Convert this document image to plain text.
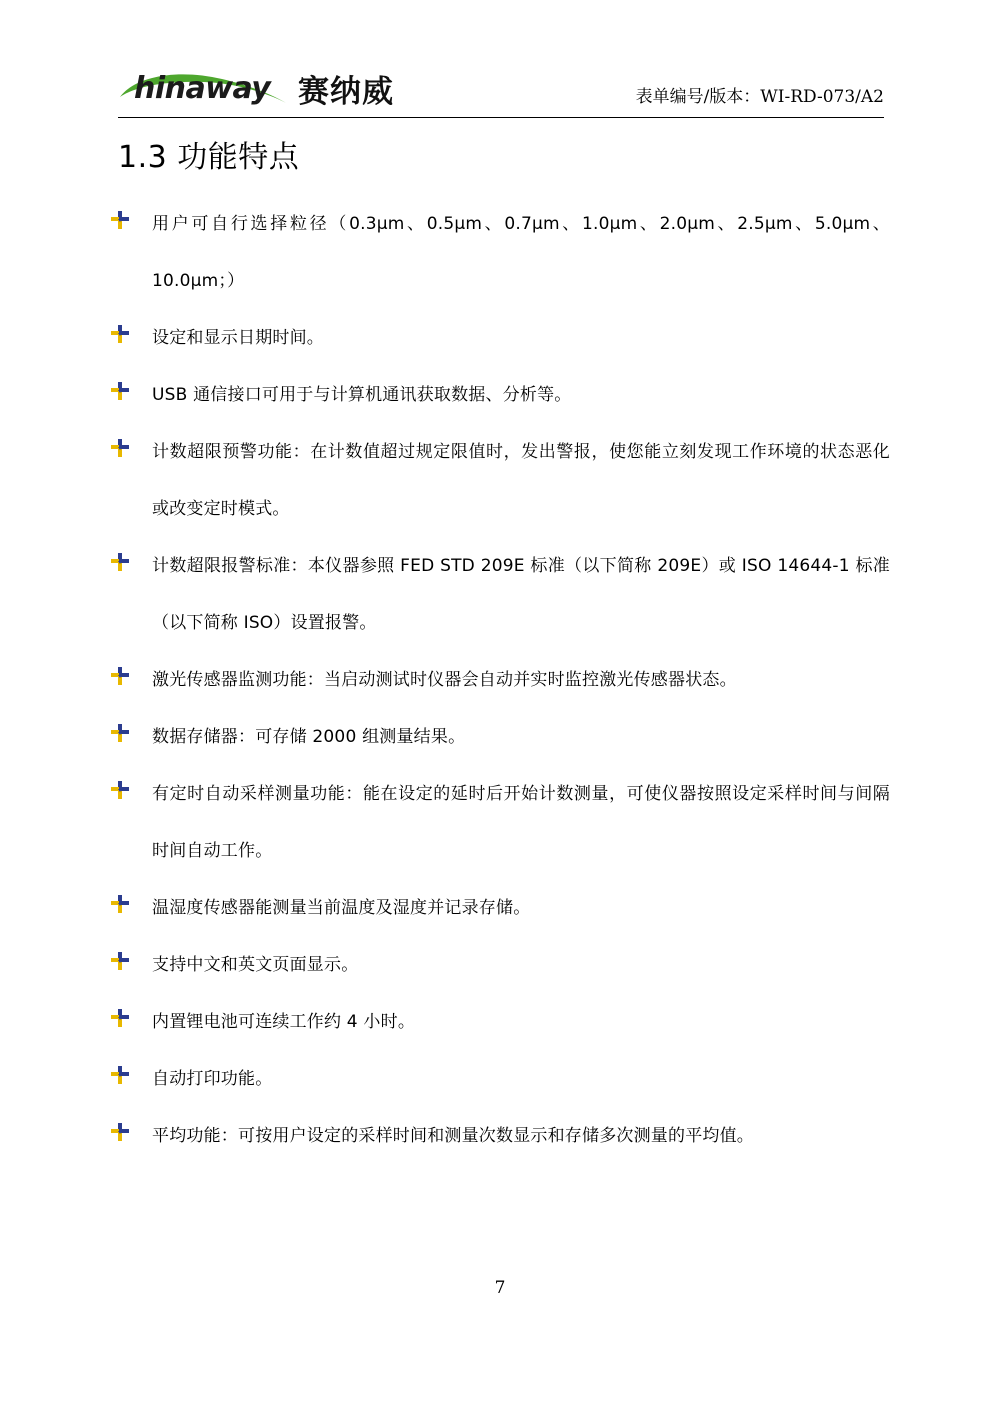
hinaway 赛纳威	表单编号/版本：WI-RD-073/A2
1.3 功能特点
用户可自行选择粒径（0.3μm、0.5μm、0.7μm、1.0μm、2.0μm、2.5μm、5.0μm、10.0μm；）
设定和显示日期时间。
USB 通信接口可用于与计算机通讯获取数据、分析等。
计数超限预警功能：在计数值超过规定限值时，发出警报，使您能立刻发现工作环境的状态恶化或改变定时模式。
计数超限报警标准：本仪器参照 FED STD 209E 标准（以下简称 209E）或 ISO 14644-1 标准（以下简称 ISO）设置报警。
激光传感器监测功能：当启动测试时仪器会自动并实时监控激光传感器状态。
数据存储器：可存储 2000 组测量结果。
有定时自动采样测量功能：能在设定的延时后开始计数测量，可使仪器按照设定采样时间与间隔时间自动工作。
温湿度传感器能测量当前温度及湿度并记录存储。
支持中文和英文页面显示。
内置锂电池可连续工作约 4 小时。
自动打印功能。
平均功能：可按用户设定的采样时间和测量次数显示和存储多次测量的平均值。
7
